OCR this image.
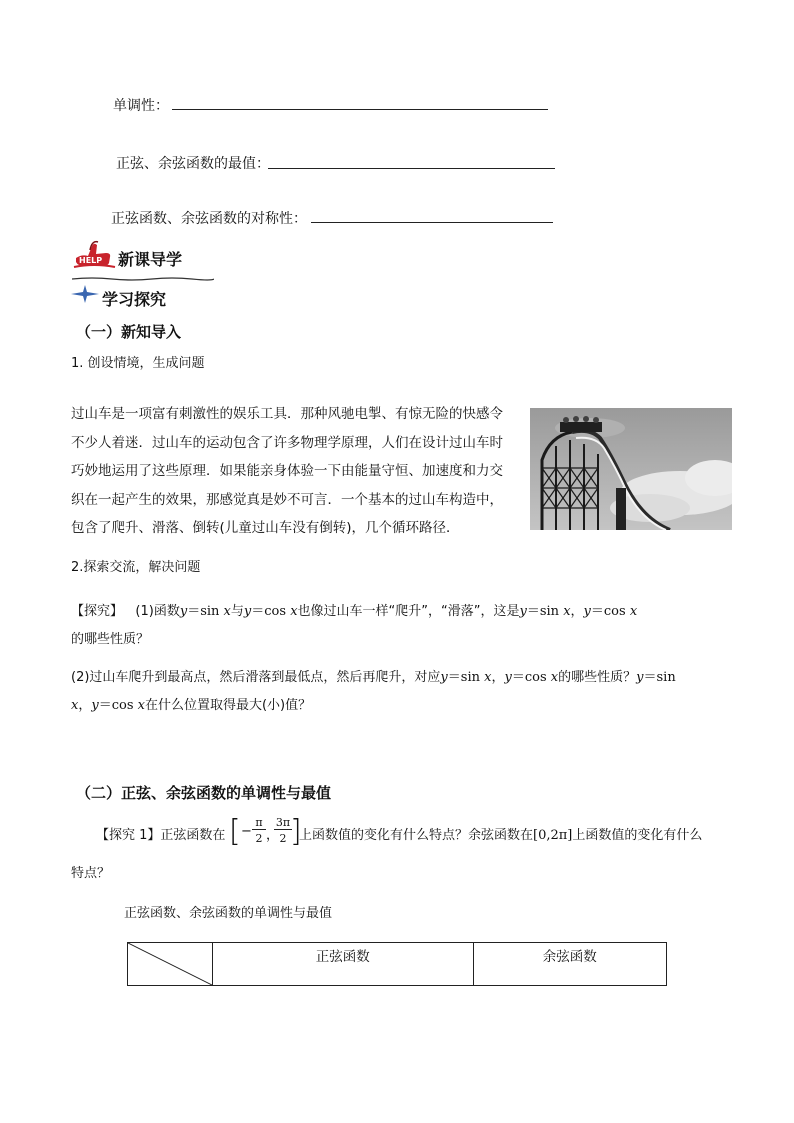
单调性：
正弦、余弦函数的最值：
正弦函数、余弦函数的对称性：
HELP 新课导学
学习探究
（一）新知导入
1. 创设情境，生成问题
过山车是一项富有刺激性的娱乐工具．那种风驰电掣、有惊无险的快感令
不少人着迷．过山车的运动包含了许多物理学原理，人们在设计过山车时
巧妙地运用了这些原理．如果能亲身体验一下由能量守恒、加速度和力交
织在一起产生的效果，那感觉真是妙不可言．一个基本的过山车构造中，
包含了爬升、滑落、倒转(儿童过山车没有倒转)，几个循环路径．
2.探索交流，解决问题
【探究】 (1)函数y＝sin x与y＝cos x也像过山车一样“爬升”，“滑落”，这是y＝sin x，y＝cos x
的哪些性质？
(2)过山车爬升到最高点，然后滑落到最低点，然后再爬升，对应y＝sin x，y＝cos x的哪些性质？y＝sin
x，y＝cos x在什么位置取得最大(小)值？
（二）正弦、余弦函数的单调性与最值
【探究 1】正弦函数在 [ −
π
2 ，
3π
2 ]
上函数值的变化有什么特点？余弦函数在[0,2π]上函数值的变化有什么
特点？
正弦函数、余弦函数的单调性与最值
	正弦函数	余弦函数
